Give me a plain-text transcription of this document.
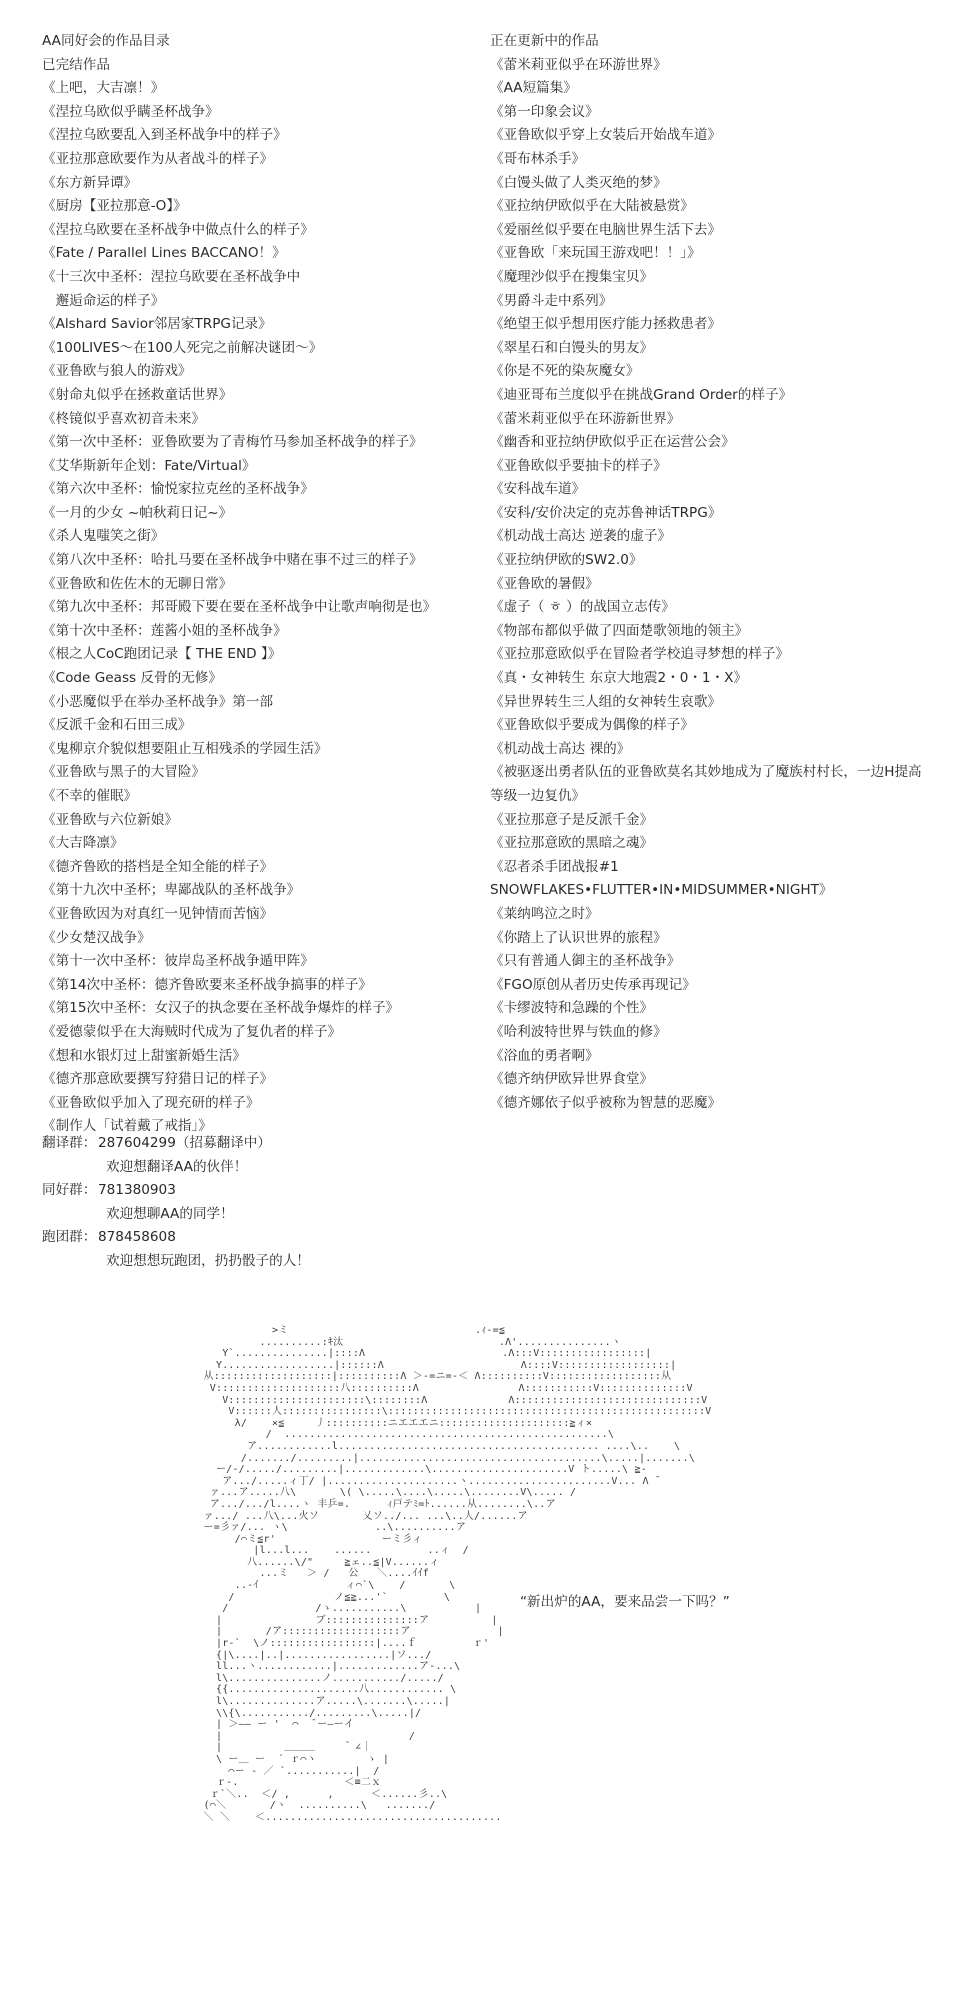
AA同好会的作品目录
已完结作品
《上吧，大吉凛！》
《涅拉乌欧似乎瞒圣杯战争》
《涅拉乌欧要乱入到圣杯战争中的样子》
《亚拉那意欧要作为从者战斗的样子》
《东方新异谭》
《厨房【亚拉那意-O】》
《涅拉乌欧要在圣杯战争中做点什么的样子》
《Fate / Parallel Lines BACCANO！》
《十三次中圣杯：涅拉乌欧要在圣杯战争中
　邂逅命运的样子》
《Alshard Savior邻居家TRPG记录》
《100LIVES～在100人死完之前解决谜团～》
《亚鲁欧与狼人的游戏》
《射命丸似乎在拯救童话世界》
《柊镜似乎喜欢初音未来》
《第一次中圣杯：亚鲁欧要为了青梅竹马参加圣杯战争的样子》
《艾华斯新年企划：Fate/Virtual》
《第六次中圣杯：愉悦家拉克丝的圣杯战争》
《一月的少女 ~帕秋莉日记~》
《杀人鬼嗤笑之街》
《第八次中圣杯：哈扎马要在圣杯战争中赌在事不过三的样子》
《亚鲁欧和佐佐木的无聊日常》
《第九次中圣杯：邦哥殿下要在要在圣杯战争中让歌声响彻是也》
《第十次中圣杯：莲酱小姐的圣杯战争》
《根之人CoC跑团记录【 THE END 】》
《Code Geass 反骨的无修》
《小恶魔似乎在举办圣杯战争》第一部
《反派千金和石田三成》
《鬼柳京介貌似想要阻止互相残杀的学园生活》
《亚鲁欧与黑子的大冒险》
《不幸的催眠》
《亚鲁欧与六位新娘》
《大吉降凛》
《德齐鲁欧的搭档是全知全能的样子》
《第十九次中圣杯；卑鄙战队的圣杯战争》
《亚鲁欧因为对真红一见钟情而苦恼》
《少女楚汉战争》
《第十一次中圣杯：彼岸岛圣杯战争遁甲阵》
《第14次中圣杯：德齐鲁欧要来圣杯战争搞事的样子》
《第15次中圣杯：女汉子的执念要在圣杯战争爆炸的样子》
《爱德蒙似乎在大海贼时代成为了复仇者的样子》
《想和水银灯过上甜蜜新婚生活》
《德齐那意欧要撰写狩猎日记的样子》
《亚鲁欧似乎加入了现充研的样子》
《制作人「试着戴了戒指」》
正在更新中的作品
《蕾米莉亚似乎在环游世界》
《AA短篇集》
《第一印象会议》
《亚鲁欧似乎穿上女装后开始战车道》
《哥布林杀手》
《白馒头做了人类灭绝的梦》
《亚拉纳伊欧似乎在大陆被悬赏》
《爱丽丝似乎要在电脑世界生活下去》
《亚鲁欧「来玩国王游戏吧！！」》
《魔理沙似乎在搜集宝贝》
《男爵斗走中系列》
《绝望王似乎想用医疗能力拯救患者》
《翠星石和白馒头的男友》
《你是不死的染灰魔女》
《迪亚哥布兰度似乎在挑战Grand Order的样子》
《蕾米莉亚似乎在环游新世界》
《幽香和亚拉纳伊欧似乎正在运营公会》
《亚鲁欧似乎要抽卡的样子》
《安科战车道》
《安科/安价决定的克苏鲁神话TRPG》
《机动战士高达 逆袭的虚子》
《亚拉纳伊欧的SW2.0》
《亚鲁欧的暑假》
《虚子（ ㅎ ）的战国立志传》
《物部布都似乎做了四面楚歌领地的领主》
《亚拉那意欧似乎在冒险者学校追寻梦想的样子》
《真・女神转生 东京大地震2・0・1・X》
《异世界转生三人组的女神转生哀歌》
《亚鲁欧似乎要成为偶像的样子》
《机动战士高达 裸的》
《被驱逐出勇者队伍的亚鲁欧莫名其妙地成为了魔族村村长，一边H提高等级一边复仇》
《亚拉那意子是反派千金》
《亚拉那意欧的黑暗之魂》
《忍者杀手团战报#1 SNOWFLAKES•FLUTTER•IN•MIDSUMMER•NIGHT》
《莱纳鸣泣之时》
《你踏上了认识世界的旅程》
《只有普通人御主的圣杯战争》
《FGO原创从者历史传承再现记》
《卡缪波特和急躁的个性》
《哈利波特世界与铁血的修》
《浴血的勇者啊》
《德齐纳伊欧异世界食堂》
《德齐娜依子似乎被称为智慧的恶魔》
翻译群： 287604299（招募翻译中）
欢迎想翻译AA的伙伴！
同好群： 781380903
欢迎想聊AA的同学！
跑团群： 878458608
欢迎想想玩跑团，扔扔骰子的人！
>ミ                              .ｨ-=≦
..........:ｷ汰                         .Λ'...............ヽ
Y`...............|::::Λ                      .Λ:::V:::::::::::::::::|
Y..................|::::::Λ                      Λ::::V::::::::::::::::::|
从:::::::::::::::::::|::::::::::Λ ＞-=ニ=-＜ Λ::::::::::V::::::::::::::::::从
V::::::::::::::::::::八::::::::::Λ                Λ:::::::::::V::::::::::::::V
V::::::::::::::::::::::\::::::::Λ             Λ::::::::::::::::::::::::::::::V
V::::::人::::::::::::::::\:::::::::::::::::::::::::::::::::::::::::::::::::::V
λ/    ×≦     丿::::::::::ニエエエニ:::::::::::::::::::::≧ィ×
/  ....................................................\
ア............l.......................................... ....\..    \
/......./.........|.......................................\.....|.......\
ー/‐/...../.........|.............\......................V ト.....\ ≧-
ア.../.....ィ丁/ |.....................ヽ.......................V... Λ ̄
ァ...ア.....八\       \( \.....\....\.....\........V\..... /
ア.../.../l....ヽ 丰乒=.      ｨ戸テﾐ=ﾄ......从........\..ア
ァ.../ ...八\...火ソ       乂ソ../... ...\..人/......ア
ー=彡ァ/... ヽ\              ..\..........ア
/⌒ミ≦r'                 ーミ彡ィ
|l...l...    ......         ..ィ  /
八......\/"     ≧ェ..≦|V......ィ
...ミ   ＞ /   公   ＼....ｲｲf
..-ｲ              ィ⌒`\    /       \
/                ノ≦≧...'`         \
/              /ゝ...........\           |
|               ブ:::::::::::::::ア          |
|       /ア:::::::::::::::::::ア              |
|r-`  \ノ:::::::::::::::::|....ｆ         ｒ'
{|\....|..|.................|ソ.../
ll...ヽ............|.............ア-...\
l\...............ノ.........../...../
{{.....................八............ \
l\..............ア.....\.......\.....|
\\{\.........../.........\.....|/
| ＞—— ー '  ⌒  ̄ ー—ーイ
|                              /
|          ＿＿＿      ゚ ∠｜
\ ー＿ ー  ´ ｒ⌒ヽ        ゝ |
⌒ー ‐ ／ `...........|  /
ｒ-.                 ＜≡二ｘ
ｒ`＼..  ＜/ ,      ,      ＜......彡..\
(⌒＼       /ヽ  ..........\   ......./
＼ ＼    ＜......................................
“新出炉的AA，要来品尝一下吗？”
